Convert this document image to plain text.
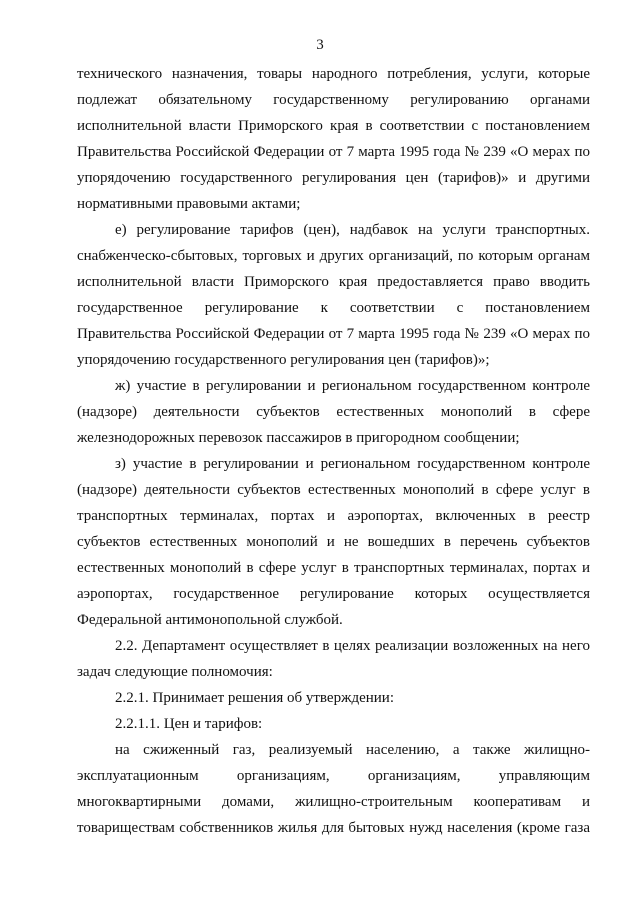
3

технического назначения, товары народного потребления, услуги, которые подлежат обязательному государственному регулированию органами исполнительной власти Приморского края в соответствии с постановлением Правительства Российской Федерации от 7 марта 1995 года № 239 «О мерах по упорядочению государственного регулирования цен (тарифов)» и другими нормативными правовыми актами;

е) регулирование тарифов (цен), надбавок на услуги транспортных. снабженческо-сбытовых, торговых и других организаций, по которым органам исполнительной власти Приморского края предоставляется право вводить государственное регулирование к соответствии с постановлением Правительства Российской Федерации от 7 марта 1995 года № 239 «О мерах по упорядочению государственного регулирования цен (тарифов)»;

ж) участие в регулировании и региональном государственном контроле (надзоре) деятельности субъектов естественных монополий в сфере железнодорожных перевозок пассажиров в пригородном сообщении;

з) участие в регулировании и региональном государственном контроле (надзоре) деятельности субъектов естественных монополий в сфере услуг в транспортных терминалах, портах и аэропортах, включенных в реестр субъектов естественных монополий и не вошедших в перечень субъектов естественных монополий в сфере услуг в транспортных терминалах, портах и аэропортах, государственное регулирование которых осуществляется Федеральной антимонопольной службой.

2.2. Департамент осуществляет в целях реализации возложенных на него задач следующие полномочия:

2.2.1. Принимает решения об утверждении:

2.2.1.1. Цен и тарифов:

на сжиженный газ, реализуемый населению, а также жилищно-эксплуатационным организациям, организациям, управляющим многоквартирными домами, жилищно-строительным кооперативам и товариществам собственников жилья для бытовых нужд населения (кроме газа
